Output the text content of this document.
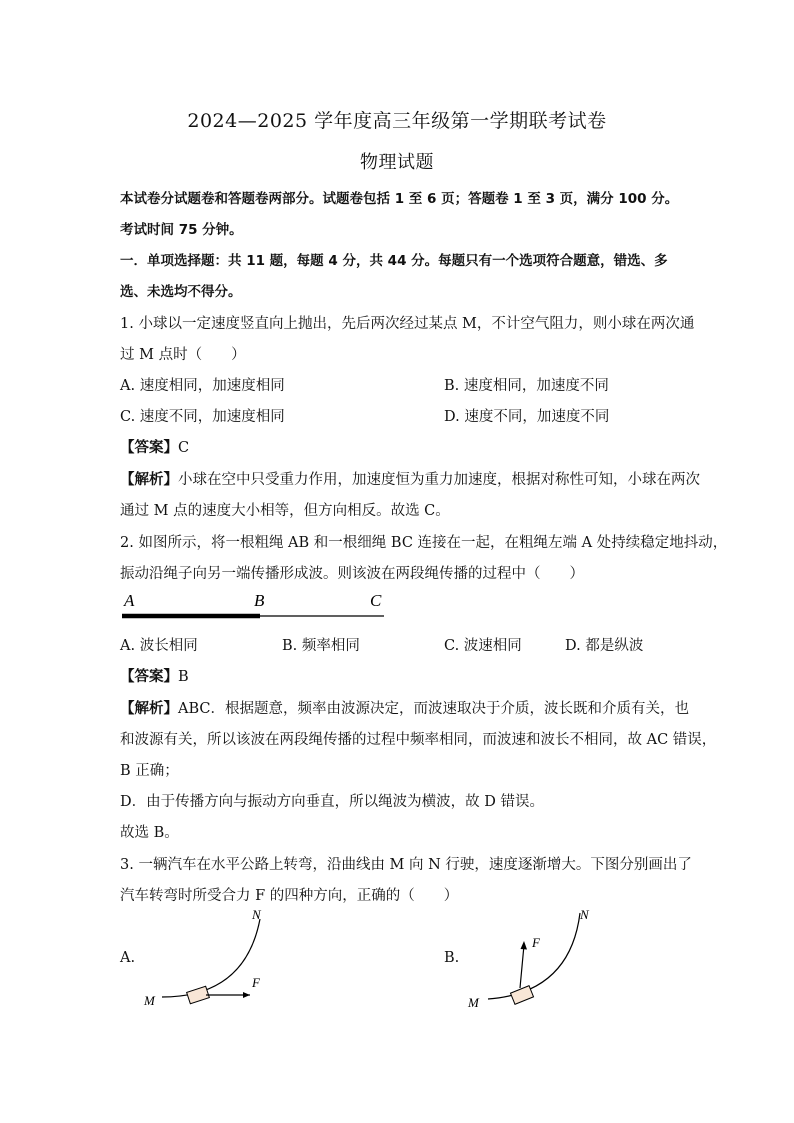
2024—2025 学年度高三年级第一学期联考试卷
物理试题
本试卷分试题卷和答题卷两部分。试题卷包括 1 至 6 页；答题卷 1 至 3 页，满分 100 分。
考试时间 75 分钟。
一．单项选择题：共 11 题，每题 4 分，共 44 分。每题只有一个选项符合题意，错选、多
选、未选均不得分。
1. 小球以一定速度竖直向上抛出，先后两次经过某点 M，不计空气阻力，则小球在两次通
过 M 点时（　　）
A. 速度相同，加速度相同	B. 速度相同，加速度不同
C. 速度不同，加速度相同	D. 速度不同，加速度不同
【答案】C
【解析】小球在空中只受重力作用，加速度恒为重力加速度，根据对称性可知，小球在两次
通过 M 点的速度大小相等，但方向相反。故选 C。
2. 如图所示，将一根粗绳 AB 和一根细绳 BC 连接在一起，在粗绳左端 A 处持续稳定地抖动，
振动沿绳子向另一端传播形成波。则该波在两段绳传播的过程中（　　）
A	B	C
A. 波长相同	B. 频率相同	C. 波速相同	D. 都是纵波
【答案】B
【解析】ABC．根据题意，频率由波源决定，而波速取决于介质，波长既和介质有关，也
和波源有关，所以该波在两段绳传播的过程中频率相同，而波速和波长不相同，故 AC 错误，
B 正确；
D．由于传播方向与振动方向垂直，所以绳波为横波，故 D 错误。
故选 B。
3. 一辆汽车在水平公路上转弯，沿曲线由 M 向 N 行驶，速度逐渐增大。下图分别画出了
汽车转弯时所受合力 F 的四种方向，正确的（　　）
A.
N
M
F
B.
N
M
F
